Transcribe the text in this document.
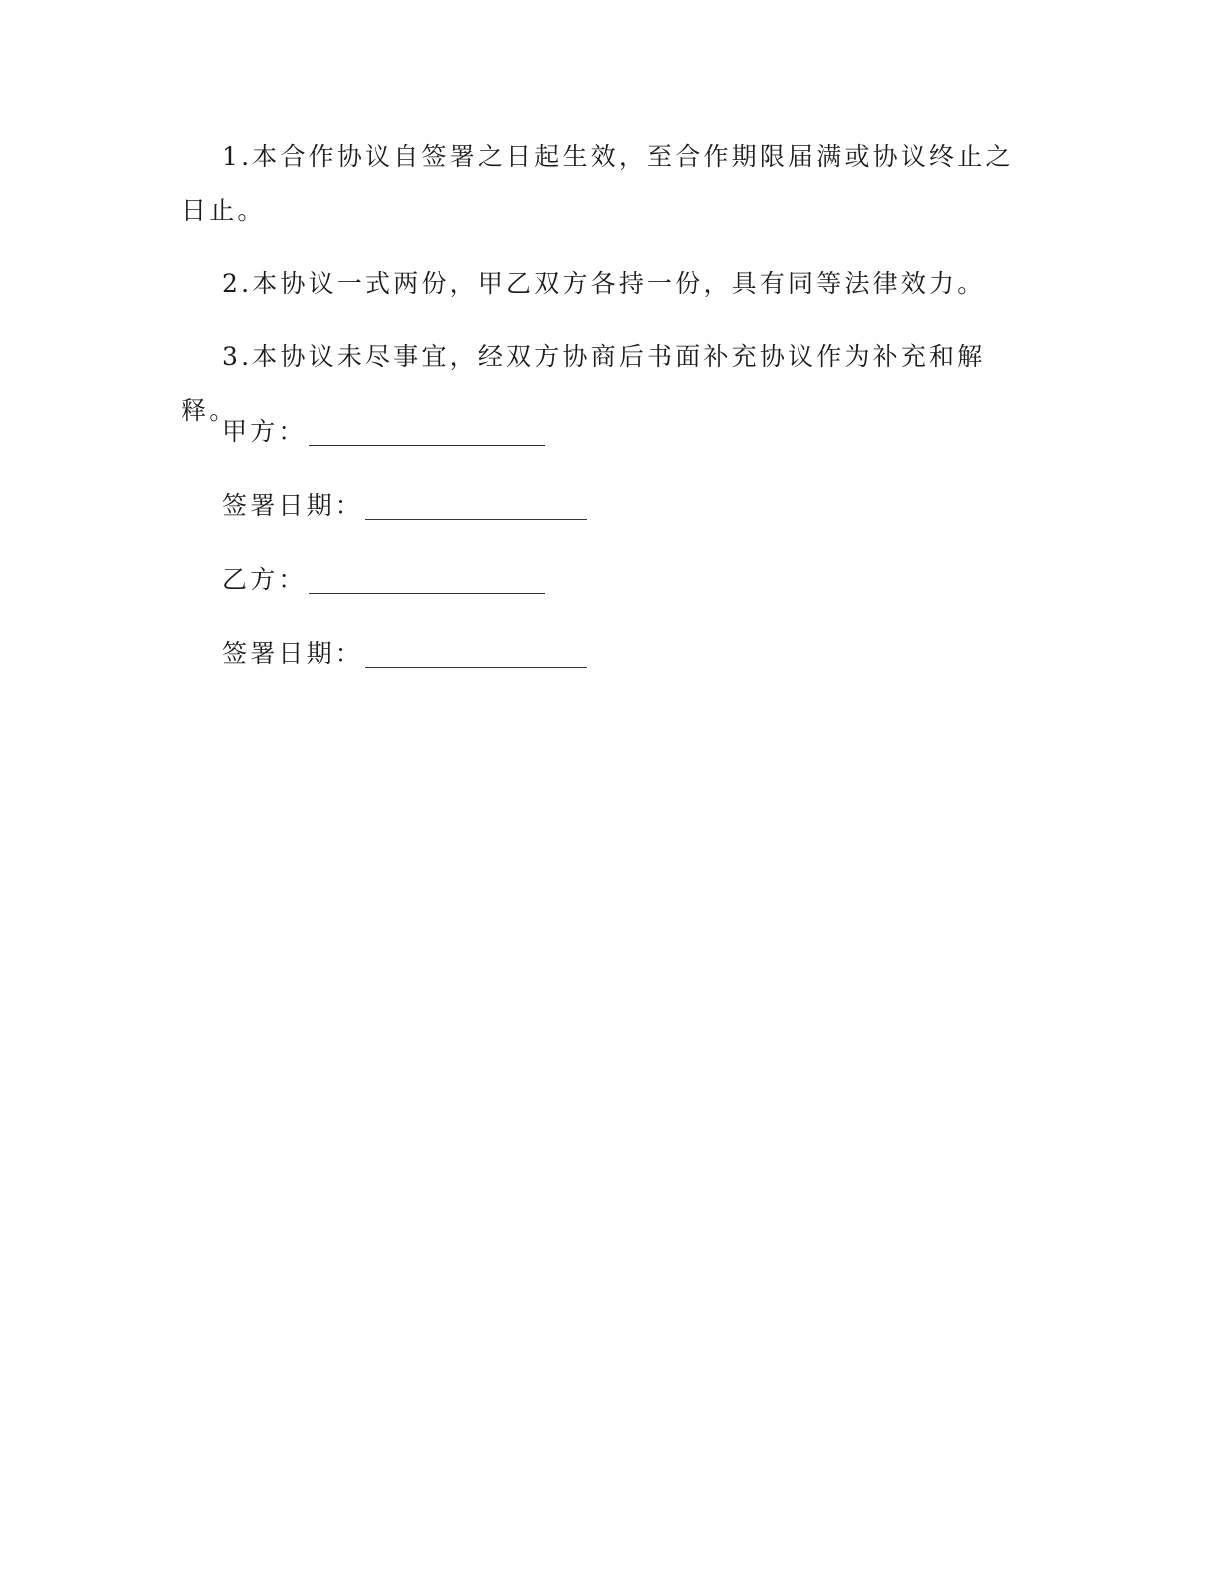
1.本合作协议自签署之日起生效，至合作期限届满或协议终止之日止。

2.本协议一式两份，甲乙双方各持一份，具有同等法律效力。

3.本协议未尽事宜，经双方协商后书面补充协议作为补充和解释。

甲方：
签署日期：
乙方：
签署日期：
